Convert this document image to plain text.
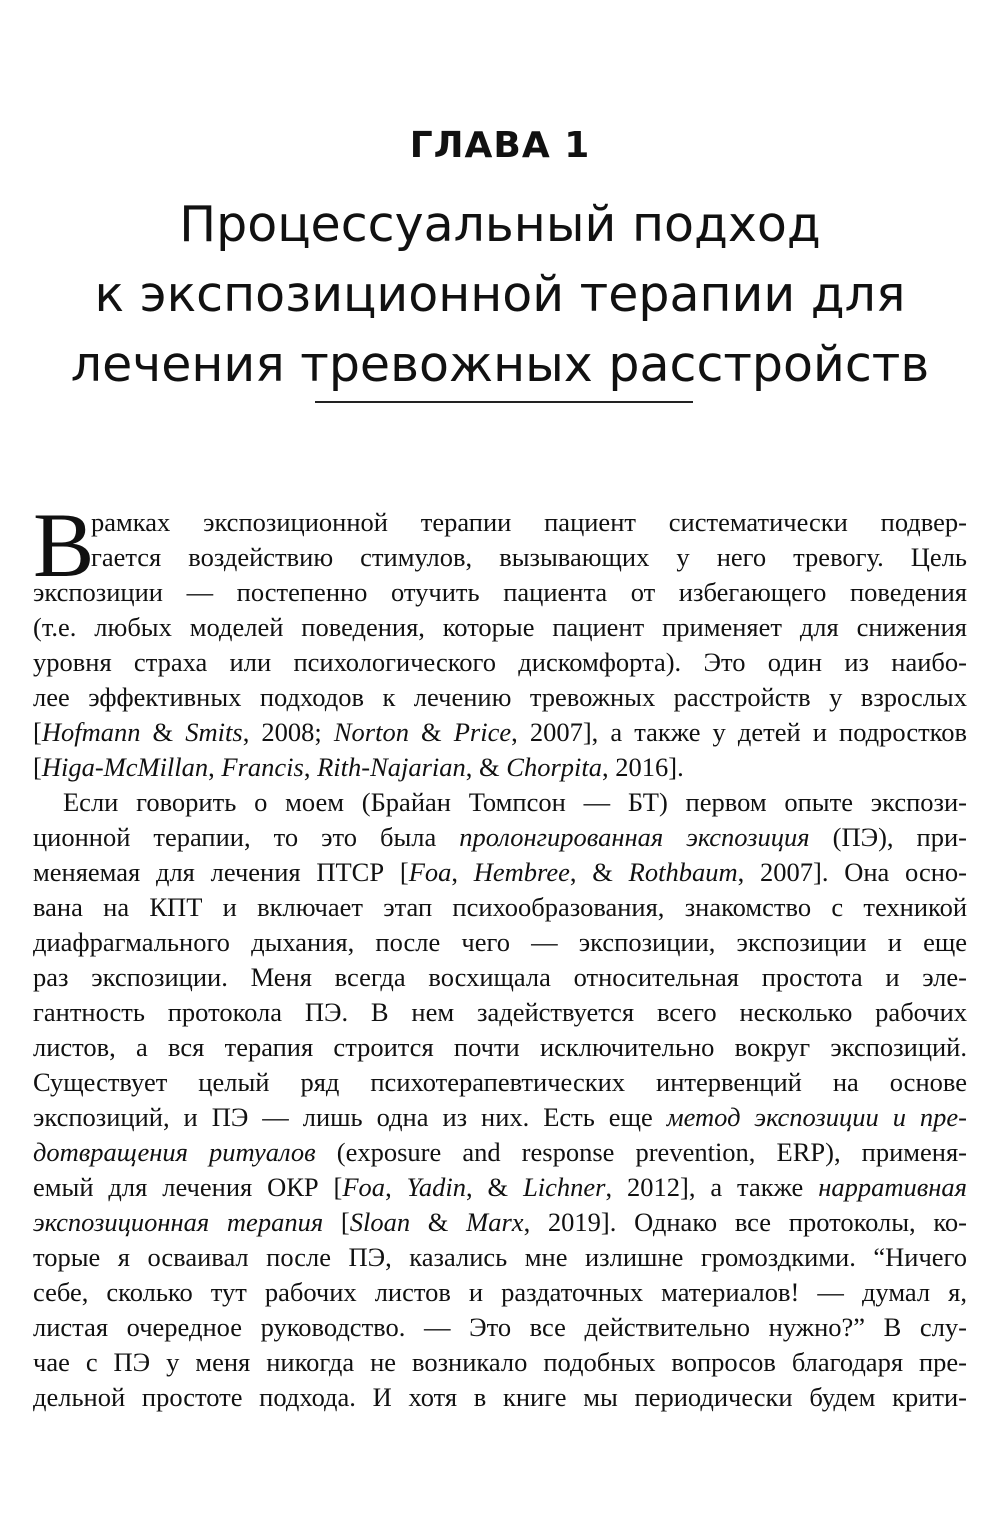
ГЛАВА 1
Процессуальный подход
к экспозиционной терапии для
лечения тревожных расстройств
В
рамках экспозиционной терапии пациент систематически подвер-
гается воздействию стимулов, вызывающих у него тревогу. Цель
экспозиции — постепенно отучить пациента от избегающего поведения
(т.е. любых моделей поведения, которые пациент применяет для снижения
уровня страха или психологического дискомфорта). Это один из наибо-
лее эффективных подходов к лечению тревожных расстройств у взрослых
[Hofmann & Smits, 2008; Norton & Price, 2007], а также у детей и подростков
[Higa-McMillan, Francis, Rith-Najarian, & Chorpita, 2016].
Если говорить о моем (Брайан Томпсон — БТ) первом опыте экспози-
ционной терапии, то это была пролонгированная экспозиция (ПЭ), при-
меняемая для лечения ПТСР [Foa, Hembree, & Rothbaum, 2007]. Она осно-
вана на КПТ и включает этап психообразования, знакомство с техникой
диафрагмального дыхания, после чего — экспозиции, экспозиции и еще
раз экспозиции. Меня всегда восхищала относительная простота и эле-
гантность протокола ПЭ. В нем задействуется всего несколько рабочих
листов, а вся терапия строится почти исключительно вокруг экспозиций.
Существует целый ряд психотерапевтических интервенций на основе
экспозиций, и ПЭ — лишь одна из них. Есть еще метод экспозиции и пре-
дотвращения ритуалов (exposure and response prevention, ERP), применя-
емый для лечения ОКР [Foa, Yadin, & Lichner, 2012], а также нарративная
экспозиционная терапия [Sloan & Marx, 2019]. Однако все протоколы, ко-
торые я осваивал после ПЭ, казались мне излишне громоздкими. “Ничего
себе, сколько тут рабочих листов и раздаточных материалов! — думал я,
листая очередное руководство. — Это все действительно нужно?” В слу-
чае с ПЭ у меня никогда не возникало подобных вопросов благодаря пре-
дельной простоте подхода. И хотя в книге мы периодически будем крити-
